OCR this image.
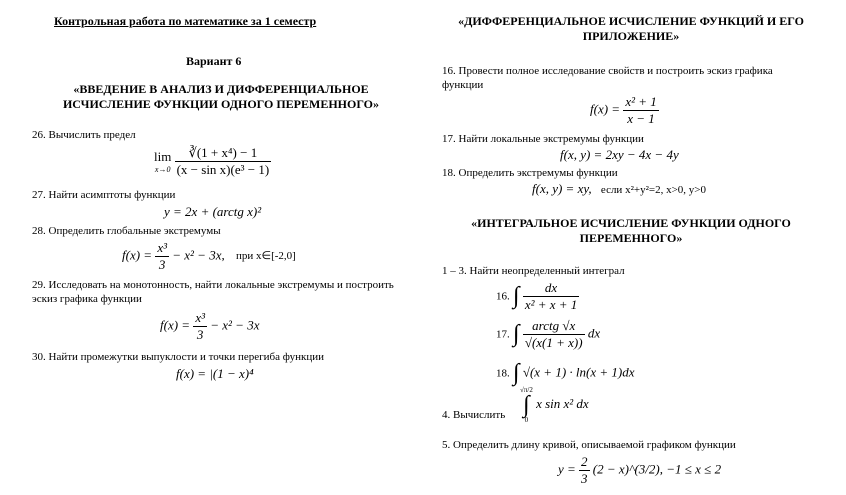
Контрольная работа по математике за 1 семестр
Вариант 6
«ВВЕДЕНИЕ В АНАЛИЗ И ДИФФЕРЕНЦИАЛЬНОЕ ИСЧИСЛЕНИЕ ФУНКЦИИ ОДНОГО ПЕРЕМЕННОГО»
26. Вычислить предел
lim
x→0
$\frac{\text{∛(1 + x⁴) − 1}}{\text{(x − sin x)(e³ − 1)}}$
27. Найти асимптоты функции
y = 2x + (arctg x)²
28. Определить глобальные экстремумы
$f(x) = \frac{\text{x³}}{3} - x^2 - 3x$, при x∈[-2,0]
29. Исследовать на монотонность, найти локальные экстремумы и построить эскиз графика функции
$f(x) = \frac{\text{x³}}{3} - x^2 - 3x$
30. Найти промежутки выпуклости и точки перегиба функции
f(x) = |(1 − x)⁴
«ДИФФЕРЕНЦИАЛЬНОЕ ИСЧИСЛЕНИЕ ФУНКЦИЙ И ЕГО ПРИЛОЖЕНИЕ»
16. Провести полное исследование свойств и построить эскиз графика функции
$f(x) = \frac{\text{x² + 1}}{x - 1}$
17. Найти локальные экстремумы функции
f(x, y) = 2xy − 4x − 4y
18. Определить экстремумы функции
f(x, y) = xy, если x²+y²=2, x>0, y>0
«ИНТЕГРАЛЬНОЕ ИСЧИСЛЕНИЕ ФУНКЦИИ ОДНОГО ПЕРЕМЕННОГО»
1 – 3. Найти неопределенный интеграл
16. ∫ $\frac{dx}{\text{x² + x + 1}}$
17. ∫ $\frac{\text{arctg √x}}{√(x(1 + x))}$ dx
18. ∫ √(x + 1) · ln(x + 1)dx
4. Вычислить
√π/2
∫
0
x sin x² dx
5. Определить длину кривой, описываемой графиком функции
$y = \frac{2}{3} (2$ − x)^(3/2), −1 ≤ x ≤ 2
